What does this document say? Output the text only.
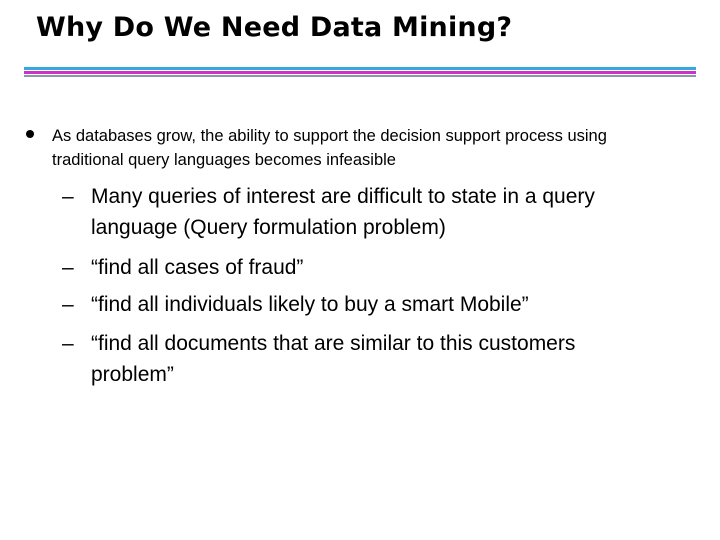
Why Do We Need Data Mining?
As databases grow, the ability to support the decision support process using traditional query languages becomes infeasible
– Many queries of interest are difficult to state in a query language (Query formulation problem)
– “find all cases of fraud”
– “find all individuals likely to buy a smart Mobile”
– “find all documents that are similar to this customers problem”
